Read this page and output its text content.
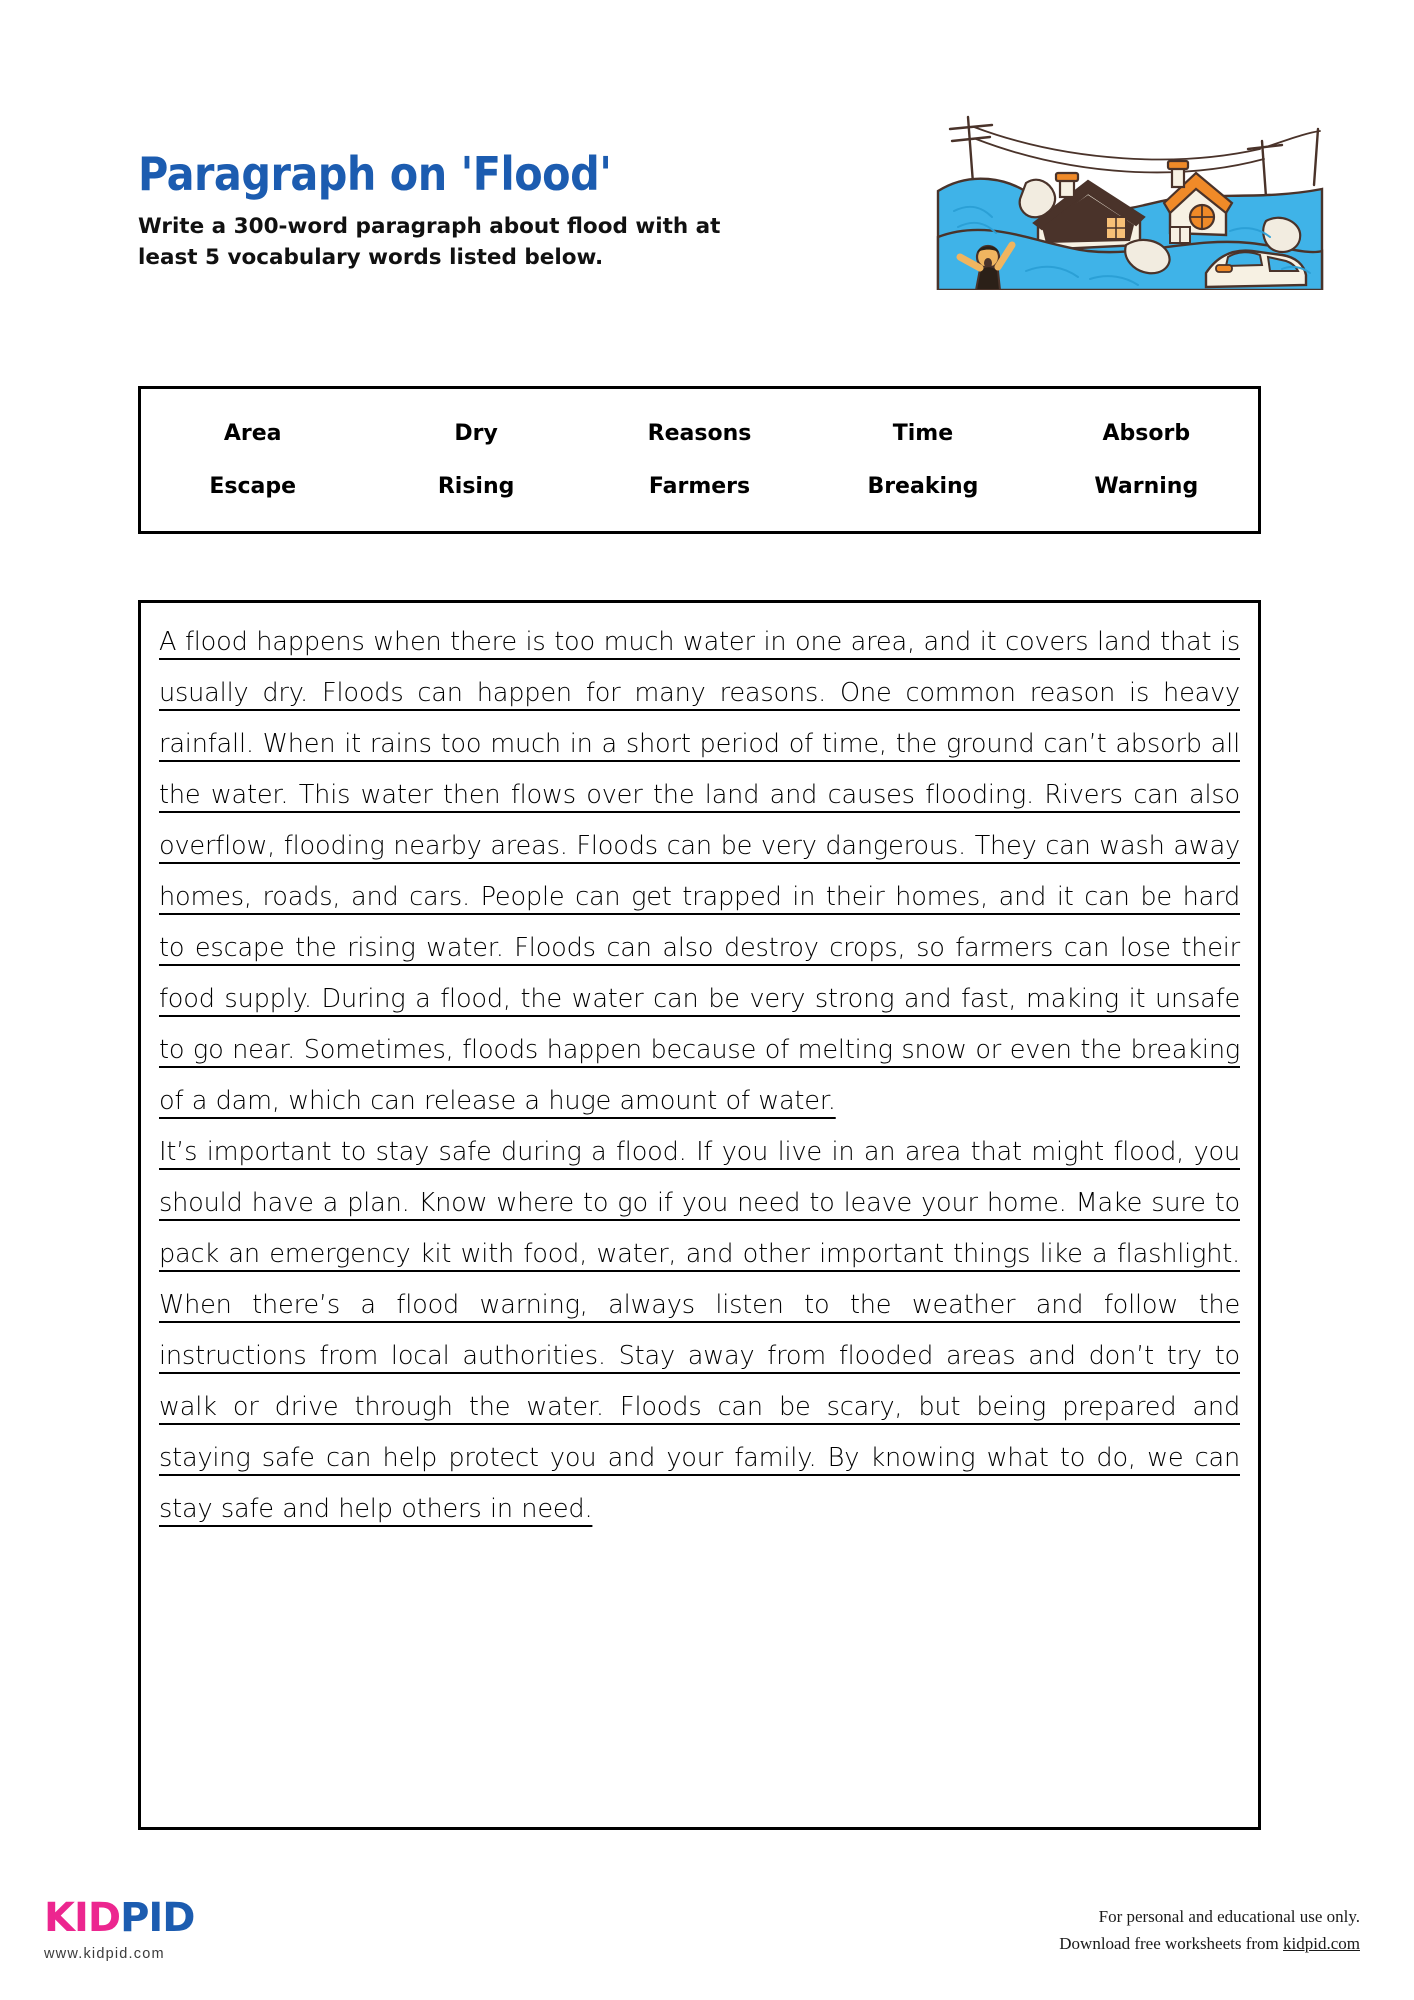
Paragraph on 'Flood'

Write a 300-word paragraph about flood with at least 5 vocabulary words listed below.

Area	Dry	Reasons	Time	Absorb
Escape	Rising	Farmers	Breaking	Warning

A flood happens when there is too much water in one area, and it covers land that is usually dry. Floods can happen for many reasons. One common reason is heavy rainfall. When it rains too much in a short period of time, the ground can’t absorb all the water. This water then flows over the land and causes flooding. Rivers can also overflow, flooding nearby areas. Floods can be very dangerous. They can wash away homes, roads, and cars. People can get trapped in their homes, and it can be hard to escape the rising water. Floods can also destroy crops, so farmers can lose their food supply. During a flood, the water can be very strong and fast, making it unsafe to go near. Sometimes, floods happen because of melting snow or even the breaking of a dam, which can release a huge amount of water.

It’s important to stay safe during a flood. If you live in an area that might flood, you should have a plan. Know where to go if you need to leave your home. Make sure to pack an emergency kit with food, water, and other important things like a flashlight. When there’s a flood warning, always listen to the weather and follow the instructions from local authorities. Stay away from flooded areas and don’t try to walk or drive through the water. Floods can be scary, but being prepared and staying safe can help protect you and your family. By knowing what to do, we can stay safe and help others in need.

KIDPID
www.kidpid.com
For personal and educational use only.
Download free worksheets from kidpid.com
